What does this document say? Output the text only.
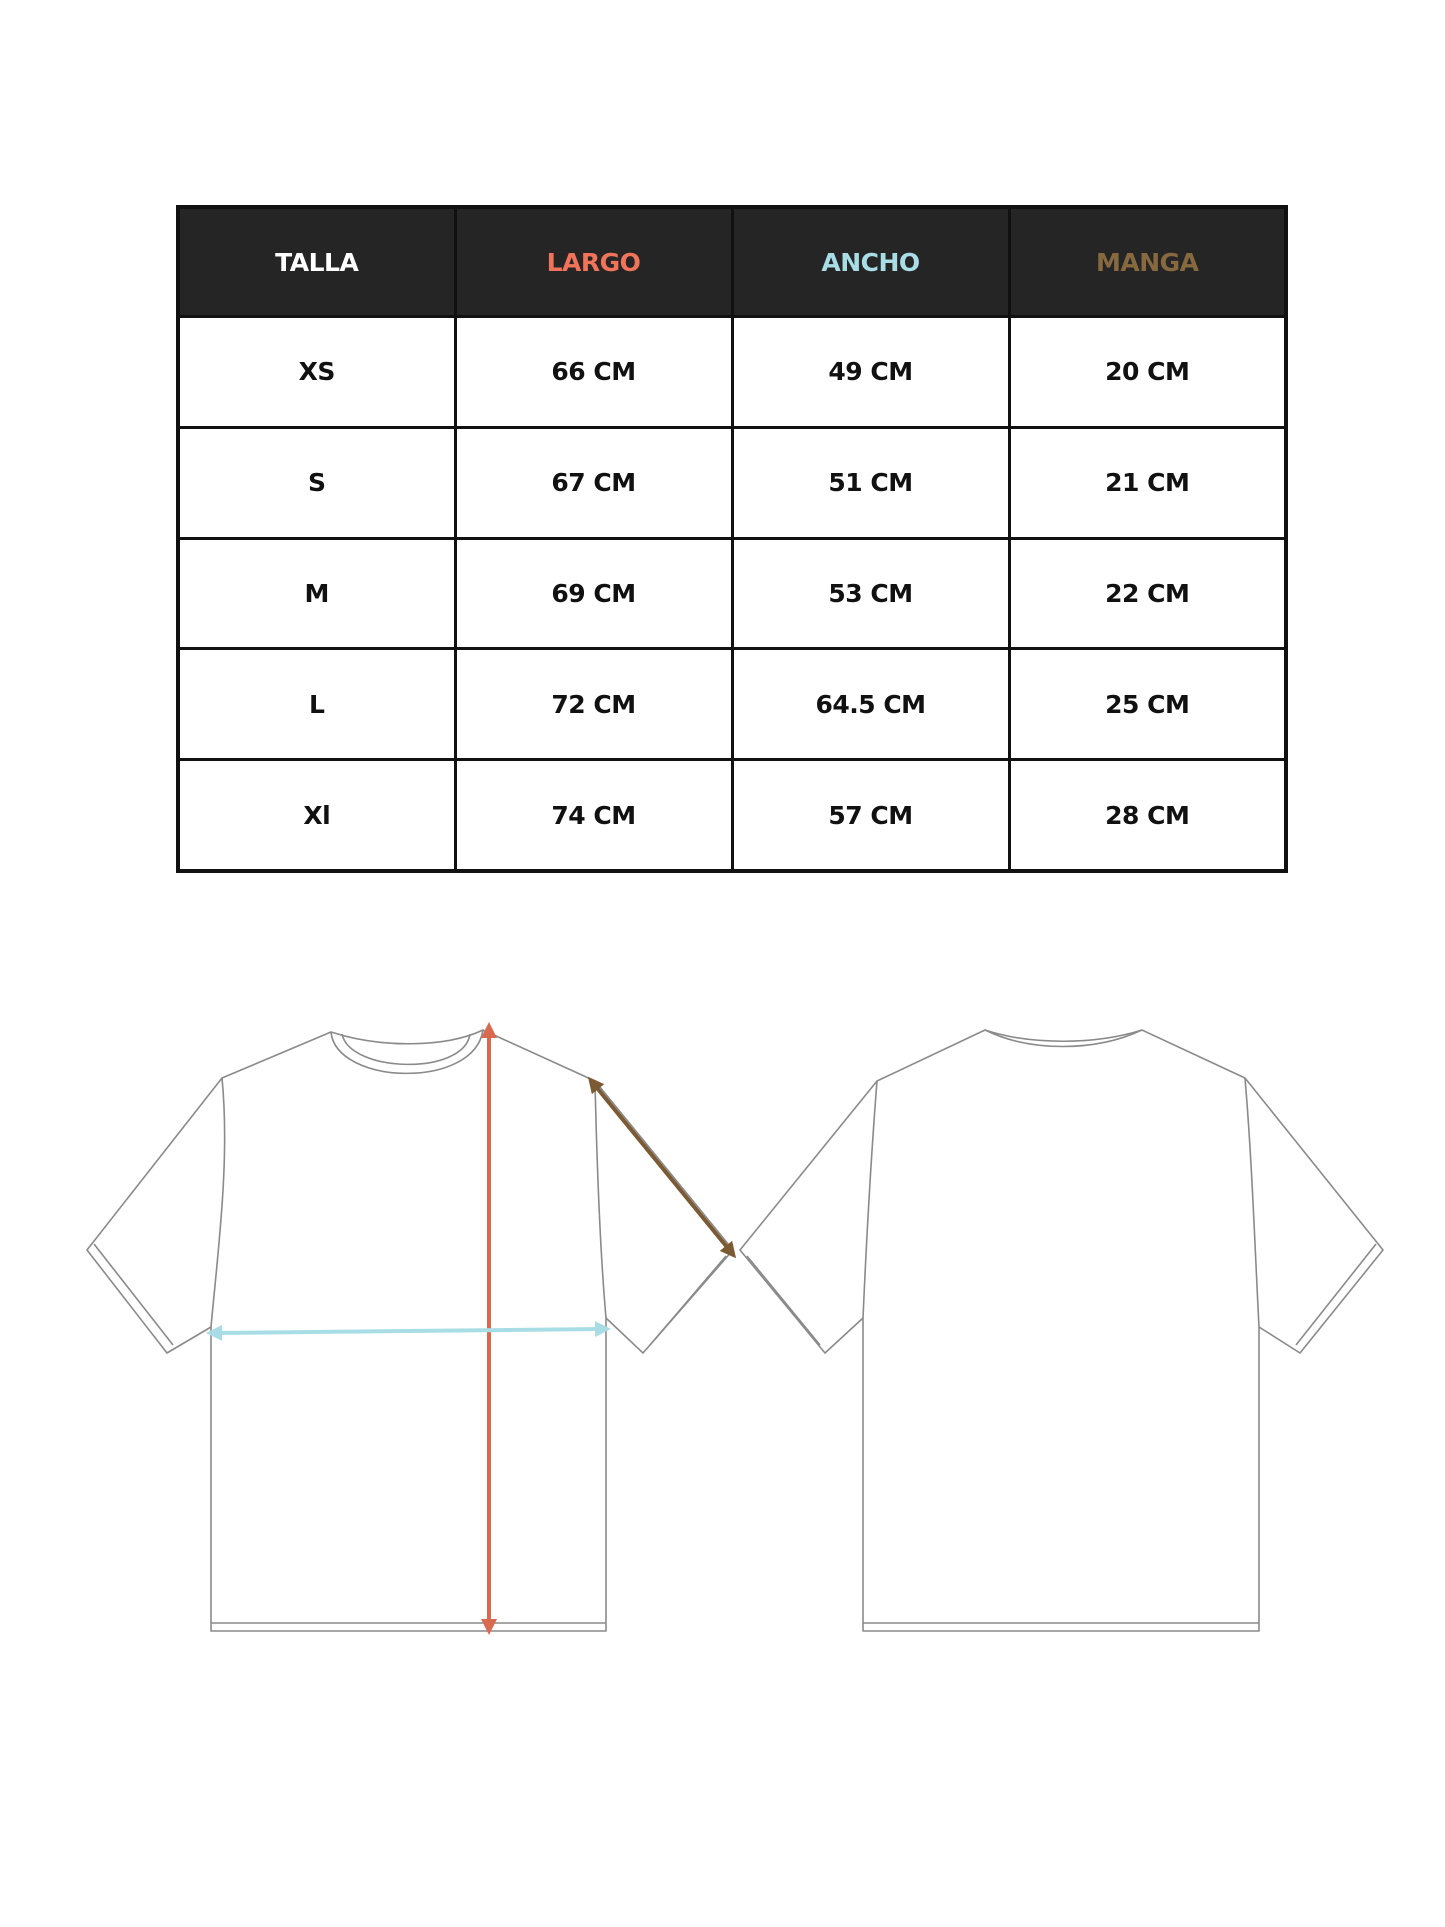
TALLA	LARGO	ANCHO	MANGA
XS	66 CM	49 CM	20 CM
S	67 CM	51 CM	21 CM
M	69 CM	53 CM	22 CM
L	72 CM	64.5 CM	25 CM
Xl	74 CM	57 CM	28 CM
